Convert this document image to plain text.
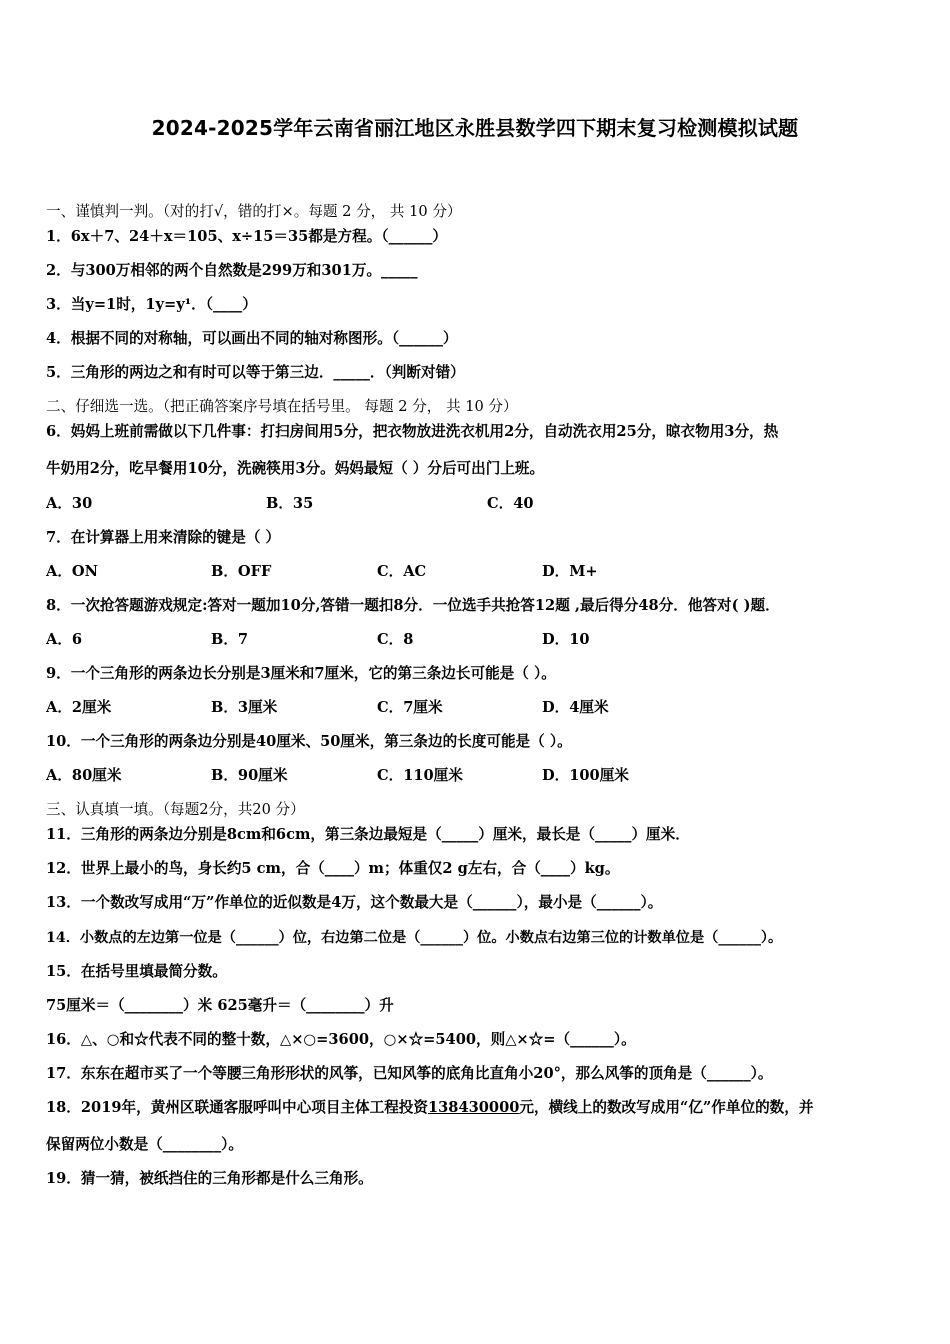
2024-2025学年云南省丽江地区永胜县数学四下期末复习检测模拟试题
一、谨慎判一判。（对的打√，错的打×。每题 2 分， 共 10 分）
1．6x＋7、24＋x＝105、x÷15＝35都是方程。（______）
2．与300万相邻的两个自然数是299万和301万。_____
3．当y=1时，1y=y¹．（____）
4．根据不同的对称轴，可以画出不同的轴对称图形。（______）
5．三角形的两边之和有时可以等于第三边．_____．（判断对错）
二、仔细选一选。（把正确答案序号填在括号里。 每题 2 分， 共 10 分）
6．妈妈上班前需做以下几件事：打扫房间用5分，把衣物放进洗衣机用2分，自动洗衣用25分，晾衣物用3分，热
牛奶用2分，吃早餐用10分，洗碗筷用3分。妈妈最短（ ）分后可出门上班。
A．30	B．35	C．40
7．在计算器上用来清除的键是（ ）
A．ON	B．OFF	C．AC	D．M+
8．一次抢答题游戏规定:答对一题加10分,答错一题扣8分．一位选手共抢答12题 ,最后得分48分．他答对( )题．
A．6	B．7	C．8	D．10
9．一个三角形的两条边长分别是3厘米和7厘米，它的第三条边长可能是（ ）。
A．2厘米	B．3厘米	C．7厘米	D．4厘米
10．一个三角形的两条边分别是40厘米、50厘米，第三条边的长度可能是（ ）。
A．80厘米	B．90厘米	C．110厘米	D．100厘米
三、认真填一填。（每题2分，共20 分）
11．三角形的两条边分别是8cm和6cm，第三条边最短是（_____）厘米，最长是（_____）厘米．
12．世界上最小的鸟，身长约5 cm，合（____）m；体重仅2 g左右，合（____）kg。
13．一个数改写成用“万”作单位的近似数是4万，这个数最大是（______），最小是（______）。
14．小数点的左边第一位是（______）位，右边第二位是（______）位。小数点右边第三位的计数单位是（______）。
15．在括号里填最简分数。
75厘米＝（________）米 625毫升＝（________）升
16．△、○和☆代表不同的整十数，△×○=3600，○×☆=5400，则△×☆=（______）。
17．东东在超市买了一个等腰三角形形状的风筝，已知风筝的底角比直角小20°，那么风筝的顶角是（______）。
18．2019年，黄州区联通客服呼叫中心项目主体工程投资138430000元，横线上的数改写成用“亿”作单位的数，并
保留两位小数是（________）。
19．猜一猜，被纸挡住的三角形都是什么三角形。
